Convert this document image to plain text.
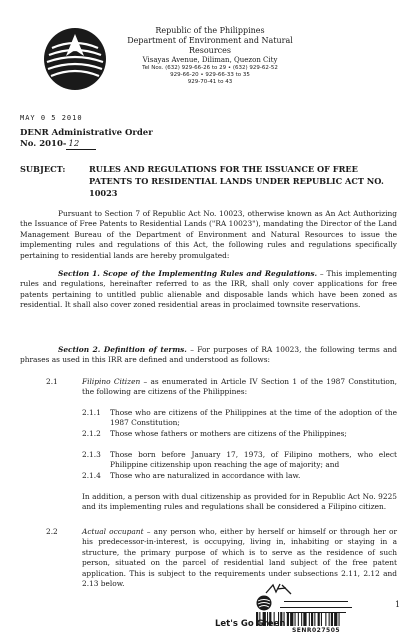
Republic of the Philippines
Department of Environment and Natural Resources
Visayas Avenue, Diliman, Quezon City
Tel Nos. (632) 929-66-26 to 29 • (632) 929-62-52
929-66-20 • 929-66-33 to 35
929-70-41 to 43
MAY 0 5 2010
DENR Administrative Order
No. 2010- 12
SUBJECT:	RULES AND REGULATIONS FOR THE ISSUANCE OF FREE PATENTS TO RESIDENTIAL LANDS UNDER REPUBLIC ACT NO. 10023
Pursuant to Section 7 of Republic Act No. 10023, otherwise known as An Act Authorizing the Issuance of Free Patents to Residential Lands ("RA 10023"), mandating the Director of the Land Management Bureau of the Department of Environment and Natural Resources to issue the implementing rules and regulations of this Act, the following rules and regulations specifically pertaining to residential lands are hereby promulgated:
Section 1. Scope of the Implementing Rules and Regulations. – This implementing rules and regulations, hereinafter referred to as the IRR, shall only cover applications for free patents pertaining to untitled public alienable and disposable lands which have been zoned as residential. It shall also cover zoned residential areas in proclaimed townsite reservations.
Section 2. Definition of terms. – For purposes of RA 10023, the following terms and phrases as used in this IRR are defined and understood as follows:
2.1	Filipino Citizen – as enumerated in Article IV Section 1 of the 1987 Constitution, the following are citizens of the Philippines:
2.1.1 Those who are citizens of the Philippines at the time of the adoption of the 1987 Constitution;
2.1.2 Those whose fathers or mothers are citizens of the Philippines;
2.1.3 Those born before January 17, 1973, of Filipino mothers, who elect Philippine citizenship upon reaching the age of majority; and
2.1.4 Those who are naturalized in accordance with law.
In addition, a person with dual citizenship as provided for in Republic Act No. 9225 and its implementing rules and regulations shall be considered a Filipino citizen.
2.2	Actual occupant – any person who, either by herself or himself or through her or his predecessor-in-interest, is occupying, living in, inhabiting or staying in a structure, the primary purpose of which is to serve as the residence of such person, situated on the parcel of residential land subject of the free patent application. This is subject to the requirements under subsections 2.11, 2.12 and 2.13 below.
1
SENR027505
Let's Go Green
